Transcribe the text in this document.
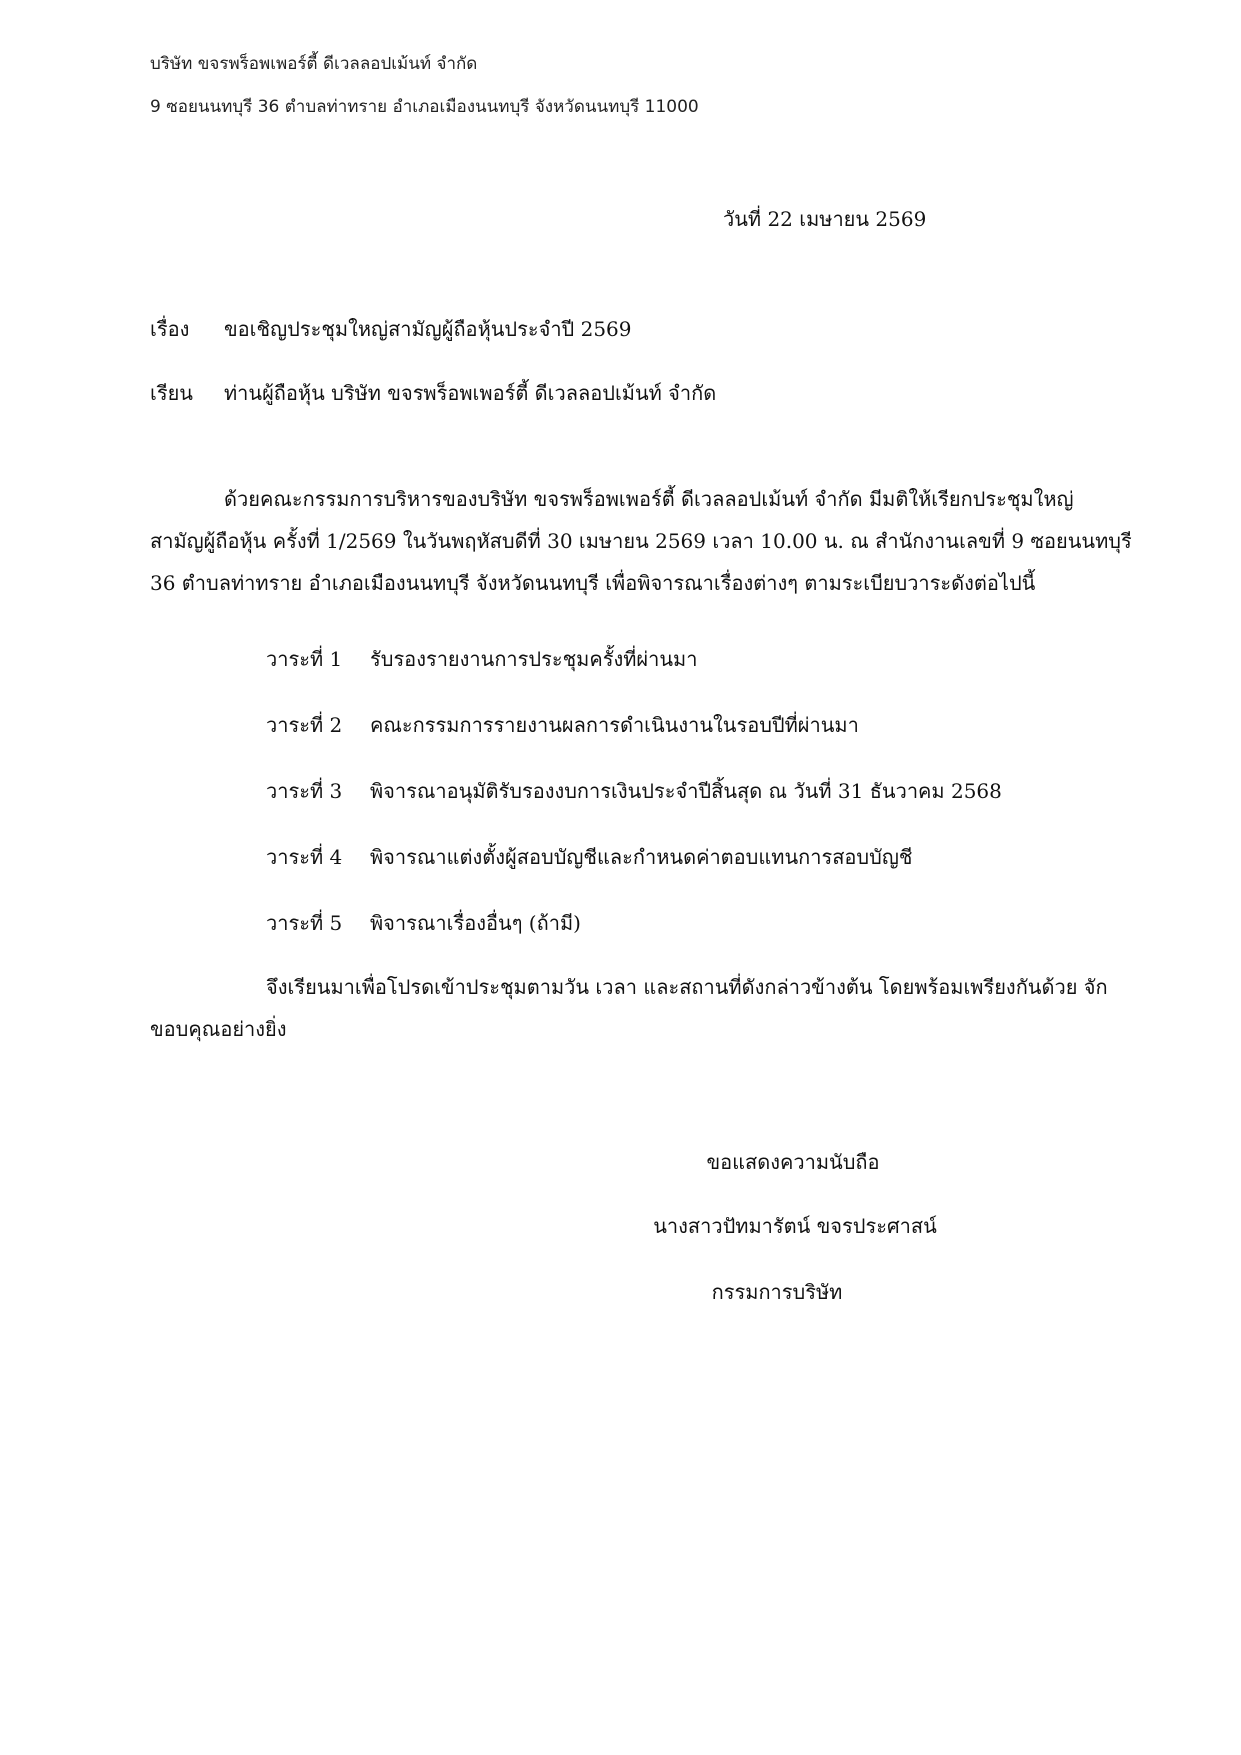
บริษัท ขจรพร็อพเพอร์ตี้ ดีเวลลอปเม้นท์ จำกัด
9 ซอยนนทบุรี 36 ตำบลท่าทราย อำเภอเมืองนนทบุรี จังหวัดนนทบุรี 11000
วันที่ 22 เมษายน 2569
เรื่อง ขอเชิญประชุมใหญ่สามัญผู้ถือหุ้นประจำปี 2569
เรียน ท่านผู้ถือหุ้น บริษัท ขจรพร็อพเพอร์ตี้ ดีเวลลอปเม้นท์ จำกัด
ด้วยคณะกรรมการบริหารของบริษัท ขจรพร็อพเพอร์ตี้ ดีเวลลอปเม้นท์ จำกัด มีมติให้เรียกประชุมใหญ่
สามัญผู้ถือหุ้น ครั้งที่ 1/2569 ในวันพฤหัสบดีที่ 30 เมษายน 2569 เวลา 10.00 น. ณ สำนักงานเลขที่ 9 ซอยนนทบุรี
36 ตำบลท่าทราย อำเภอเมืองนนทบุรี จังหวัดนนทบุรี เพื่อพิจารณาเรื่องต่างๆ ตามระเบียบวาระดังต่อไปนี้
วาระที่ 1 รับรองรายงานการประชุมครั้งที่ผ่านมา
วาระที่ 2 คณะกรรมการรายงานผลการดำเนินงานในรอบปีที่ผ่านมา
วาระที่ 3 พิจารณาอนุมัติรับรองงบการเงินประจำปีสิ้นสุด ณ วันที่ 31 ธันวาคม 2568
วาระที่ 4 พิจารณาแต่งตั้งผู้สอบบัญชีและกำหนดค่าตอบแทนการสอบบัญชี
วาระที่ 5 พิจารณาเรื่องอื่นๆ (ถ้ามี)
จึงเรียนมาเพื่อโปรดเข้าประชุมตามวัน เวลา และสถานที่ดังกล่าวข้างต้น โดยพร้อมเพรียงกันด้วย จัก
ขอบคุณอย่างยิ่ง
ขอแสดงความนับถือ
นางสาวปัทมารัตน์ ขจรประศาสน์
กรรมการบริษัท
